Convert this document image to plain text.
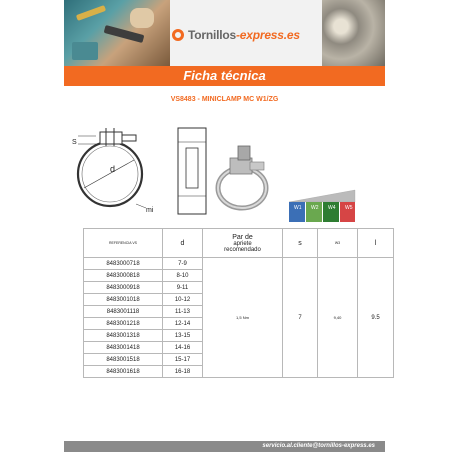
Tornillos-express.es
Ficha técnica
VS8483 - MINICLAMP MC W1/ZG
d
S
mi	W1 W2 W4 W5
REFERENCIA VS	d	Par de
apriete
recomendado	s	W3	l
8483000718	7-9	1,5 Nm	7	9,40	9.5
8483000818	8-10				
8483000918	9-11				
8483001018	10-12				
8483001118	11-13				
8483001218	12-14				
8483001318	13-15				
8483001418	14-16				
8483001518	15-17				
8483001618	16-18				
servicio.al.cliente@tornillos-express.es
